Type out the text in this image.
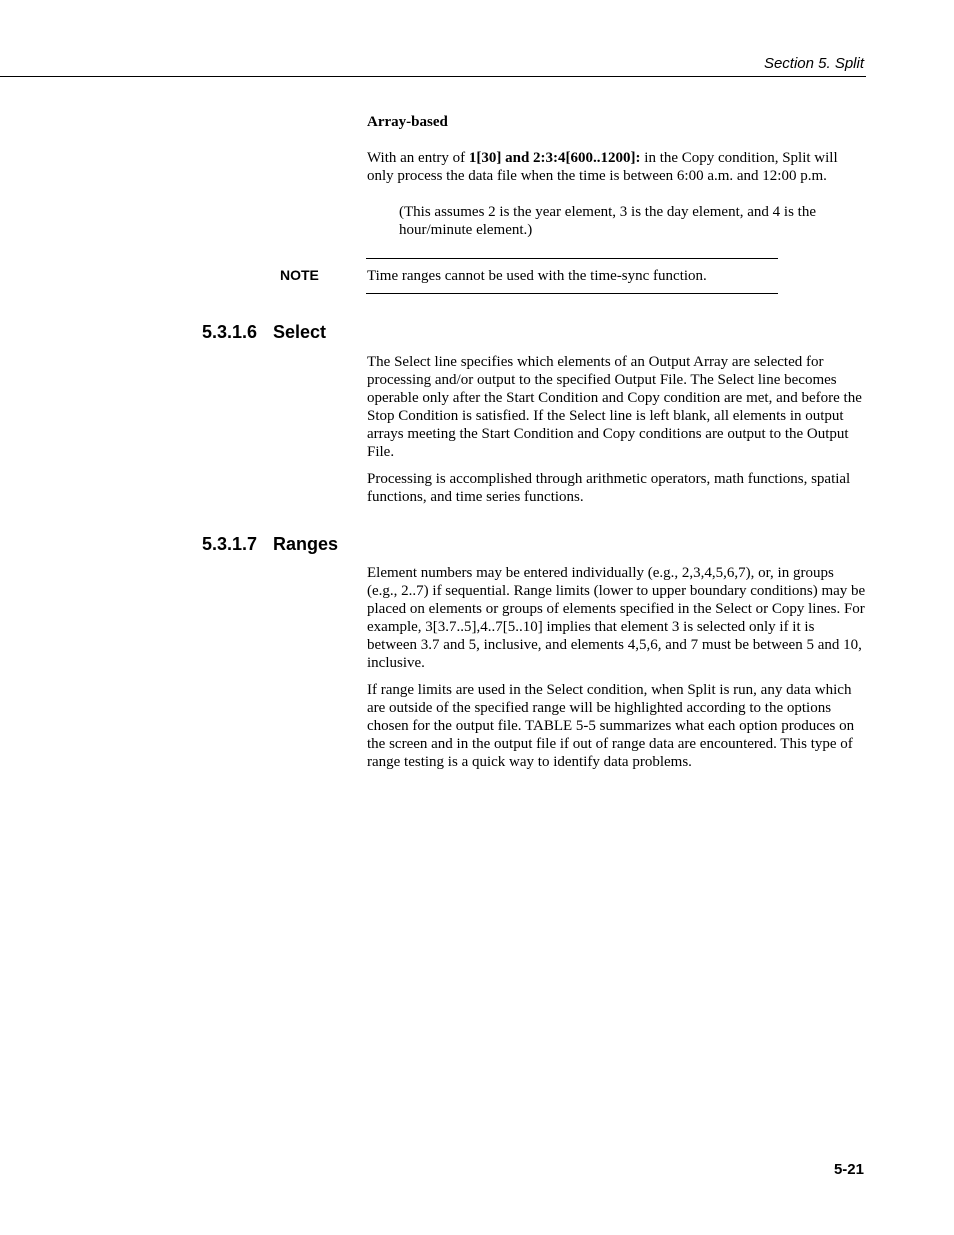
Section 5. Split
Array-based
With an entry of 1[30] and 2:3:4[600..1200]: in the Copy condition, Split will only process the data file when the time is between 6:00 a.m. and 12:00 p.m.
(This assumes 2 is the year element, 3 is the day element, and 4 is the hour/minute element.)
NOTE	Time ranges cannot be used with the time-sync function.
5.3.1.6 Select

The Select line specifies which elements of an Output Array are selected for processing and/or output to the specified Output File. The Select line becomes operable only after the Start Condition and Copy condition are met, and before the Stop Condition is satisfied. If the Select line is left blank, all elements in output arrays meeting the Start Condition and Copy conditions are output to the Output File.

Processing is accomplished through arithmetic operators, math functions, spatial functions, and time series functions.

5.3.1.7 Ranges

Element numbers may be entered individually (e.g., 2,3,4,5,6,7), or, in groups (e.g., 2..7) if sequential. Range limits (lower to upper boundary conditions) may be placed on elements or groups of elements specified in the Select or Copy lines. For example, 3[3.7..5],4..7[5..10] implies that element 3 is selected only if it is between 3.7 and 5, inclusive, and elements 4,5,6, and 7 must be between 5 and 10, inclusive.

If range limits are used in the Select condition, when Split is run, any data which are outside of the specified range will be highlighted according to the options chosen for the output file. TABLE 5-5 summarizes what each option produces on the screen and in the output file if out of range data are encountered. This type of range testing is a quick way to identify data problems.

5-21
